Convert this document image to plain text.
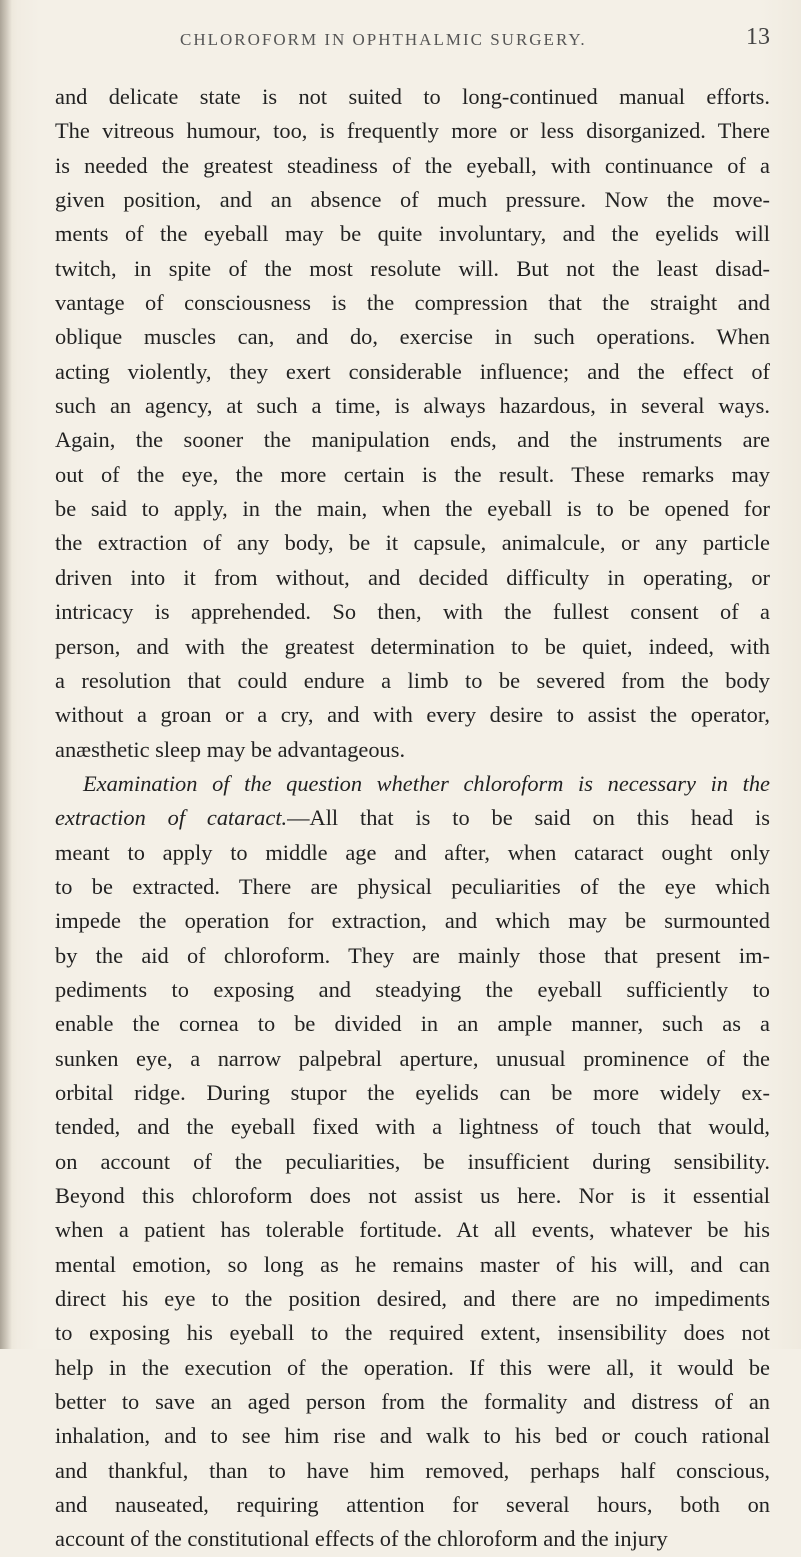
CHLOROFORM IN OPHTHALMIC SURGERY.	13
and delicate state is not suited to long-continued manual efforts.
The vitreous humour, too, is frequently more or less disorganized. There
is needed the greatest steadiness of the eyeball, with continuance of a
given position, and an absence of much pressure. Now the move-
ments of the eyeball may be quite involuntary, and the eyelids will
twitch, in spite of the most resolute will. But not the least disad-
vantage of consciousness is the compression that the straight and
oblique muscles can, and do, exercise in such operations. When
acting violently, they exert considerable influence; and the effect of
such an agency, at such a time, is always hazardous, in several ways.
Again, the sooner the manipulation ends, and the instruments are
out of the eye, the more certain is the result. These remarks may
be said to apply, in the main, when the eyeball is to be opened for
the extraction of any body, be it capsule, animalcule, or any particle
driven into it from without, and decided difficulty in operating, or
intricacy is apprehended. So then, with the fullest consent of a
person, and with the greatest determination to be quiet, indeed, with
a resolution that could endure a limb to be severed from the body
without a groan or a cry, and with every desire to assist the operator,
anæsthetic sleep may be advantageous.
Examination of the question whether chloroform is necessary in the
extraction of cataract.—All that is to be said on this head is
meant to apply to middle age and after, when cataract ought only
to be extracted. There are physical peculiarities of the eye which
impede the operation for extraction, and which may be surmounted
by the aid of chloroform. They are mainly those that present im-
pediments to exposing and steadying the eyeball sufficiently to
enable the cornea to be divided in an ample manner, such as a
sunken eye, a narrow palpebral aperture, unusual prominence of the
orbital ridge. During stupor the eyelids can be more widely ex-
tended, and the eyeball fixed with a lightness of touch that would,
on account of the peculiarities, be insufficient during sensibility.
Beyond this chloroform does not assist us here. Nor is it essential
when a patient has tolerable fortitude. At all events, whatever be his
mental emotion, so long as he remains master of his will, and can
direct his eye to the position desired, and there are no impediments
to exposing his eyeball to the required extent, insensibility does not
help in the execution of the operation. If this were all, it would be
better to save an aged person from the formality and distress of an
inhalation, and to see him rise and walk to his bed or couch rational
and thankful, than to have him removed, perhaps half conscious,
and nauseated, requiring attention for several hours, both on
account of the constitutional effects of the chloroform and the injury
